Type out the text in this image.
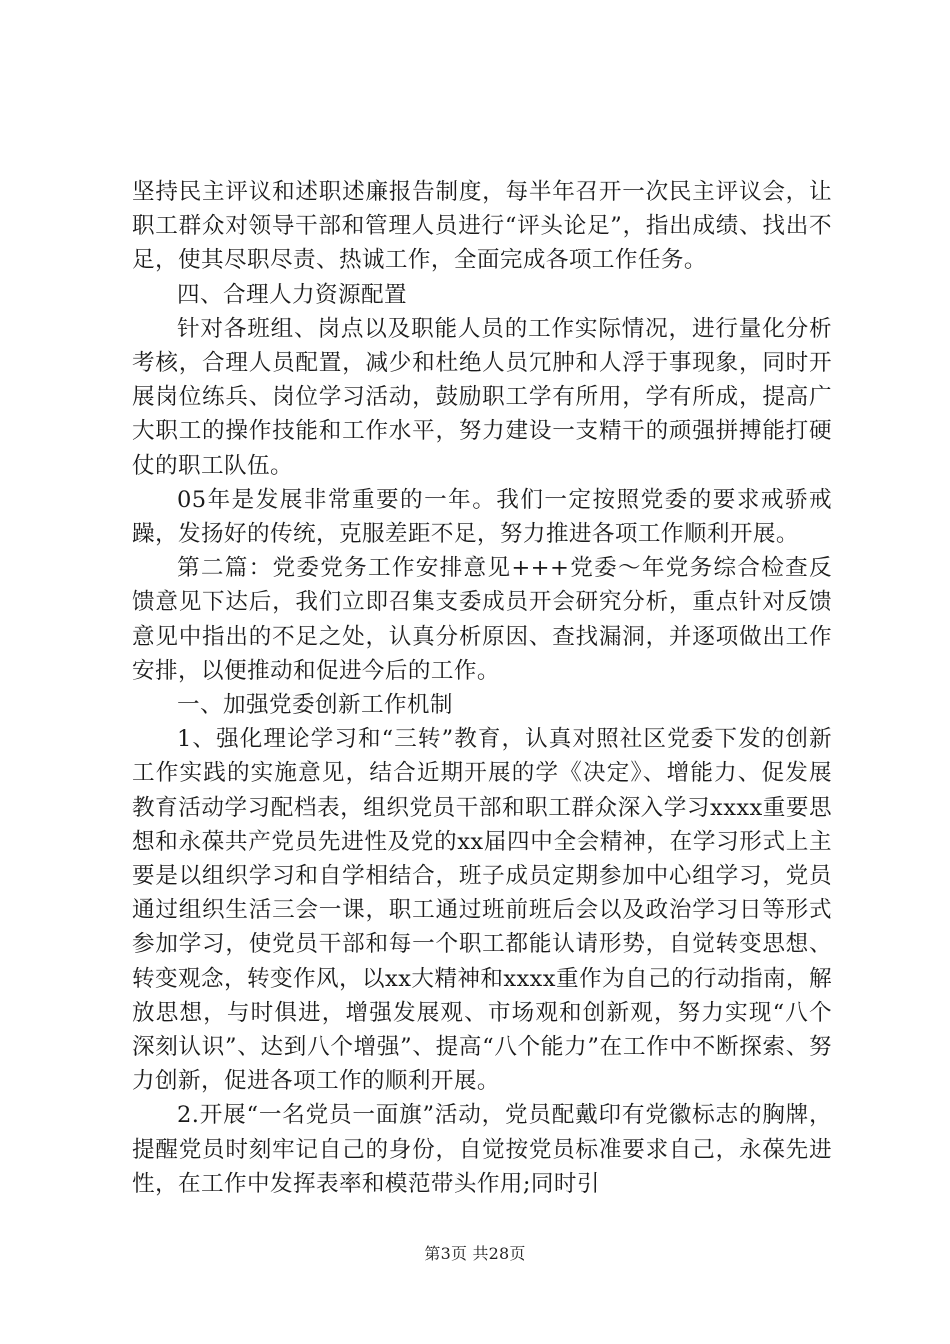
坚持民主评议和述职述廉报告制度，每半年召开一次民主评议会，让职工群众对领导干部和管理人员进行“评头论足”，指出成绩、找出不足，使其尽职尽责、热诚工作，全面完成各项工作任务。

四、合理人力资源配置

针对各班组、岗点以及职能人员的工作实际情况，进行量化分析考核，合理人员配置，减少和杜绝人员冗肿和人浮于事现象，同时开展岗位练兵、岗位学习活动，鼓励职工学有所用，学有所成，提高广大职工的操作技能和工作水平，努力建设一支精干的顽强拼搏能打硬仗的职工队伍。

05年是发展非常重要的一年。我们一定按照党委的要求戒骄戒躁，发扬好的传统，克服差距不足，努力推进各项工作顺利开展。

第二篇：党委党务工作安排意见+++党委～年党务综合检查反馈意见下达后，我们立即召集支委成员开会研究分析，重点针对反馈意见中指出的不足之处，认真分析原因、查找漏洞，并逐项做出工作安排，以便推动和促进今后的工作。

一、加强党委创新工作机制

1、强化理论学习和“三转”教育，认真对照社区党委下发的创新工作实践的实施意见，结合近期开展的学《决定》、增能力、促发展教育活动学习配档表，组织党员干部和职工群众深入学习xxxx重要思想和永葆共产党员先进性及党的xx届四中全会精神，在学习形式上主要是以组织学习和自学相结合，班子成员定期参加中心组学习，党员通过组织生活三会一课，职工通过班前班后会以及政治学习日等形式参加学习，使党员干部和每一个职工都能认请形势，自觉转变思想、转变观念，转变作风，以xx大精神和xxxx重作为自己的行动指南，解放思想，与时俱进，增强发展观、市场观和创新观，努力实现“八个深刻认识”、达到八个增强”、提高“八个能力”在工作中不断探索、努力创新，促进各项工作的顺利开展。

2.开展“一名党员一面旗”活动，党员配戴印有党徽标志的胸牌，提醒党员时刻牢记自己的身份，自觉按党员标准要求自己，永葆先进性，在工作中发挥表率和模范带头作用;同时引

第3页 共28页
